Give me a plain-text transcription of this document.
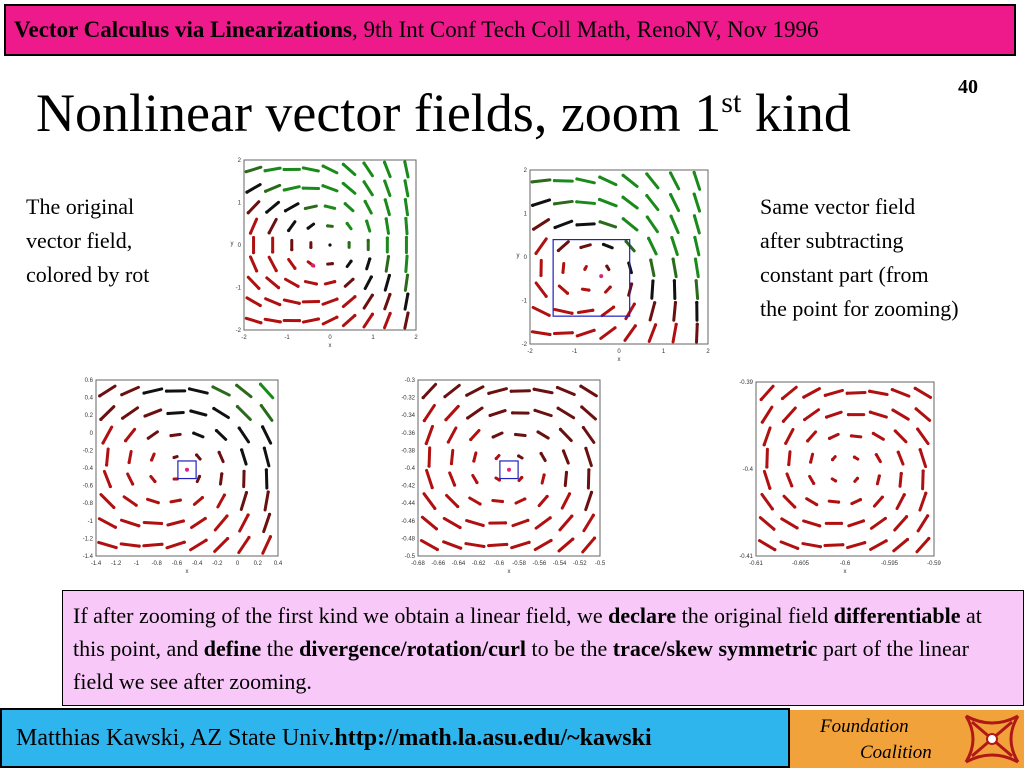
Vector Calculus via Linearizations , 9th Int Conf Tech Coll Math, RenoNV, Nov 1996
40
Nonlinear vector fields, zoom 1st kind
The original
vector field,
colored by rot
Same vector field
after subtracting
constant part (from
the point for zooming)
2
1
0
-1
-2
-2	-1	0	1	2
x
y
2
1
0
-1
-2
-2	-1	0	1	2
x
y
0.6
0.4
0.2
0
-0.2
-0.4
-0.6
-0.8
-1
-1.2
-1.4
-1.4 -1.2 -1 -0.8 -0.6 -0.4 -0.2 0 0.2 0.4
x
-0.3
-0.32
-0.34
-0.36
-0.38
-0.4
-0.42
-0.44
-0.46
-0.48
-0.5
-0.68 -0.66 -0.64 -0.62 -0.6 -0.58 -0.56 -0.54 -0.52 -0.5
x
-0.39
-0.4
-0.41
-0.61	-0.605	-0.6	-0.595	-0.59
x
If after zooming of the first kind we obtain a linear field, we declare the original field differentiable at this point, and define the divergence/rotation/curl to be the trace/skew symmetric part of the linear field we see after zooming.
Matthias Kawski, AZ State Univ. http://math.la.asu.edu/~kawski	Foundation
Coalition
